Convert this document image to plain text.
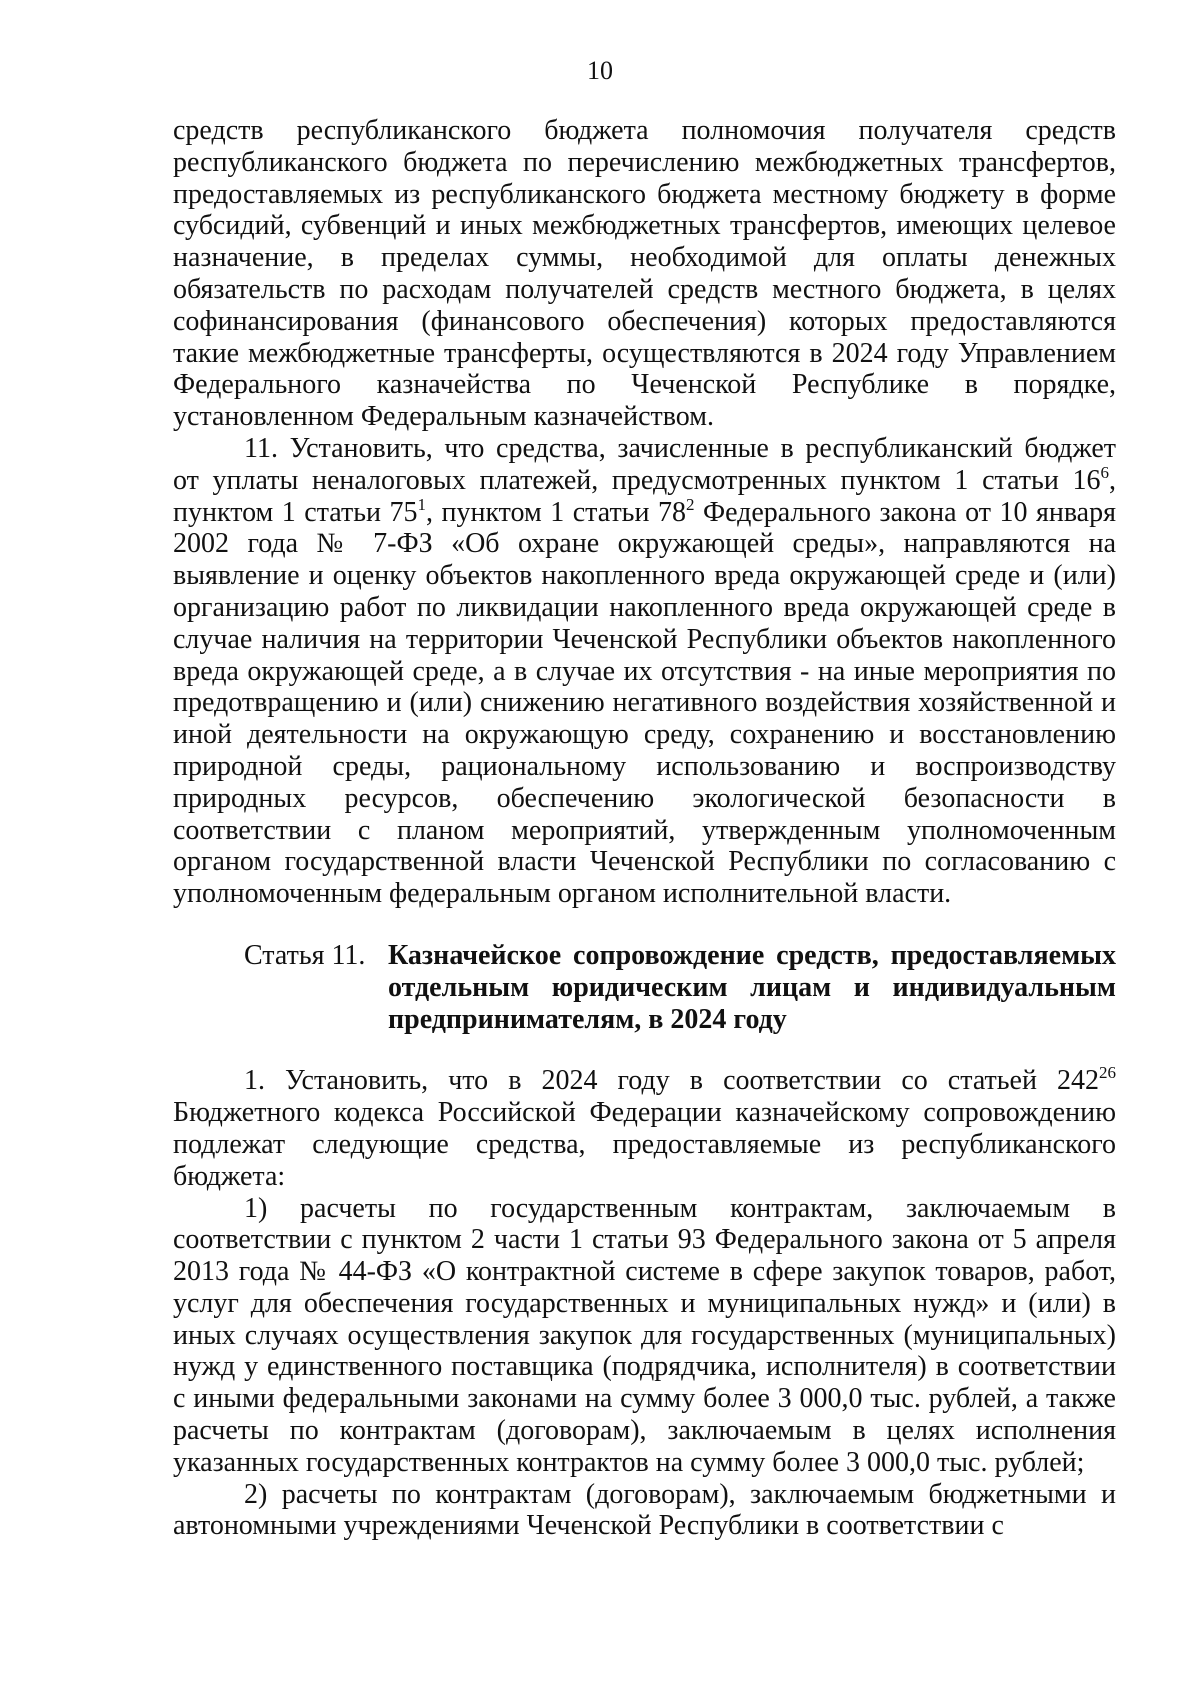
10

средств республиканского бюджета полномочия получателя средств республиканского бюджета по перечислению межбюджетных трансфертов, предоставляемых из республиканского бюджета местному бюджету в форме субсидий, субвенций и иных межбюджетных трансфертов, имеющих целевое назначение, в пределах суммы, необходимой для оплаты денежных обязательств по расходам получателей средств местного бюджета, в целях софинансирования (финансового обеспечения) которых предоставляются такие межбюджетные трансферты, осуществляются в 2024 году Управлением Федерального казначейства по Чеченской Республике в порядке, установленном Федеральным казначейством.

11. Установить, что средства, зачисленные в республиканский бюджет от уплаты неналоговых платежей, предусмотренных пунктом 1 статьи $16^6$, пунктом 1 статьи $75^1$, пунктом 1 статьи $78^2$ Федерального закона от 10 января 2002 года № 7-ФЗ «Об охране окружающей среды», направляются на выявление и оценку объектов накопленного вреда окружающей среде и (или) организацию работ по ликвидации накопленного вреда окружающей среде в случае наличия на территории Чеченской Республики объектов накопленного вреда окружающей среде, а в случае их отсутствия - на иные мероприятия по предотвращению и (или) снижению негативного воздействия хозяйственной и иной деятельности на окружающую среду, сохранению и восстановлению природной среды, рациональному использованию и воспроизводству природных ресурсов, обеспечению экологической безопасности в соответствии с планом мероприятий, утвержденным уполномоченным органом государственной власти Чеченской Республики по согласованию с уполномоченным федеральным органом исполнительной власти.

Статья 11. Казначейское сопровождение средств, предоставляемых отдельным юридическим лицам и индивидуальным предпринимателям, в 2024 году

1. Установить, что в 2024 году в соответствии со статьей $242^{26}$ Бюджетного кодекса Российской Федерации казначейскому сопровождению подлежат следующие средства, предоставляемые из республиканского бюджета:

1) расчеты по государственным контрактам, заключаемым в соответствии с пунктом 2 части 1 статьи 93 Федерального закона от 5 апреля 2013 года № 44-ФЗ «О контрактной системе в сфере закупок товаров, работ, услуг для обеспечения государственных и муниципальных нужд» и (или) в иных случаях осуществления закупок для государственных (муниципальных) нужд у единственного поставщика (подрядчика, исполнителя) в соответствии с иными федеральными законами на сумму более 3 000,0 тыс. рублей, а также расчеты по контрактам (договорам), заключаемым в целях исполнения указанных государственных контрактов на сумму более 3 000,0 тыс. рублей;

2) расчеты по контрактам (договорам), заключаемым бюджетными и автономными учреждениями Чеченской Республики в соответствии с
